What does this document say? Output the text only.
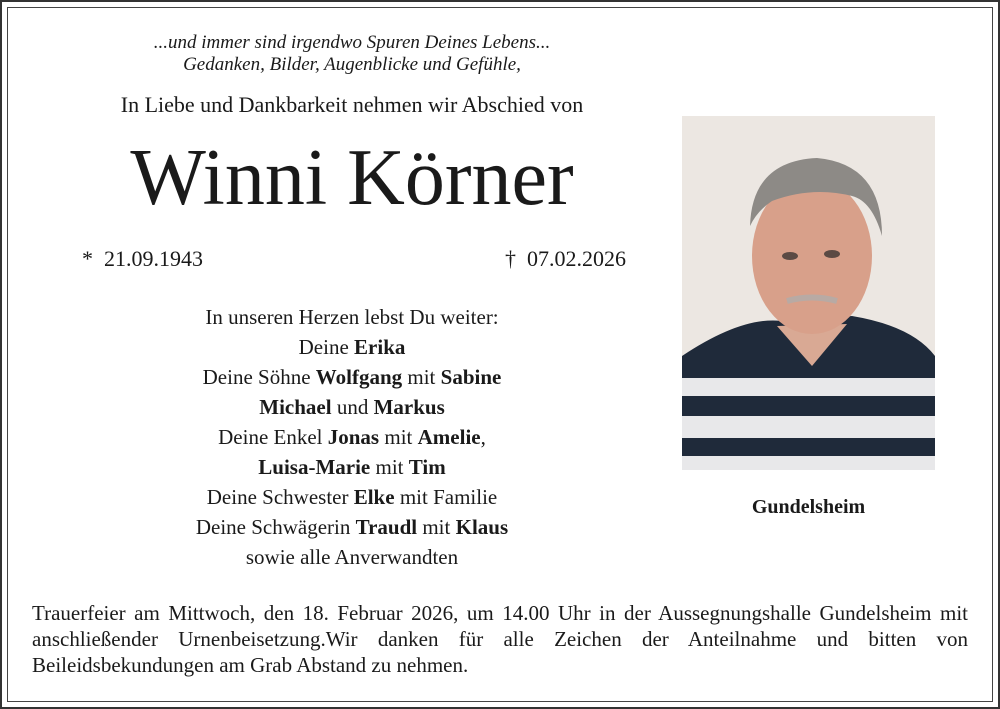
...und immer sind irgendwo Spuren Deines Lebens...
Gedanken, Bilder, Augenblicke und Gefühle,
In Liebe und Dankbarkeit nehmen wir Abschied von
Winni Körner
* 21.09.1943	† 07.02.2026
In unseren Herzen lebst Du weiter:
Deine Erika
Deine Söhne Wolfgang mit Sabine
Michael und Markus
Deine Enkel Jonas mit Amelie,
Luisa-Marie mit Tim
Deine Schwester Elke mit Familie
Deine Schwägerin Traudl mit Klaus
sowie alle Anverwandten
Gundelsheim
Trauerfeier am Mittwoch, den 18. Februar 2026, um 14.00 Uhr in der Aussegnungshalle Gundelsheim mit anschließender Urnenbeisetzung.Wir danken für alle Zeichen der Anteilnahme und bitten von Beileidsbekundungen am Grab Abstand zu nehmen.
